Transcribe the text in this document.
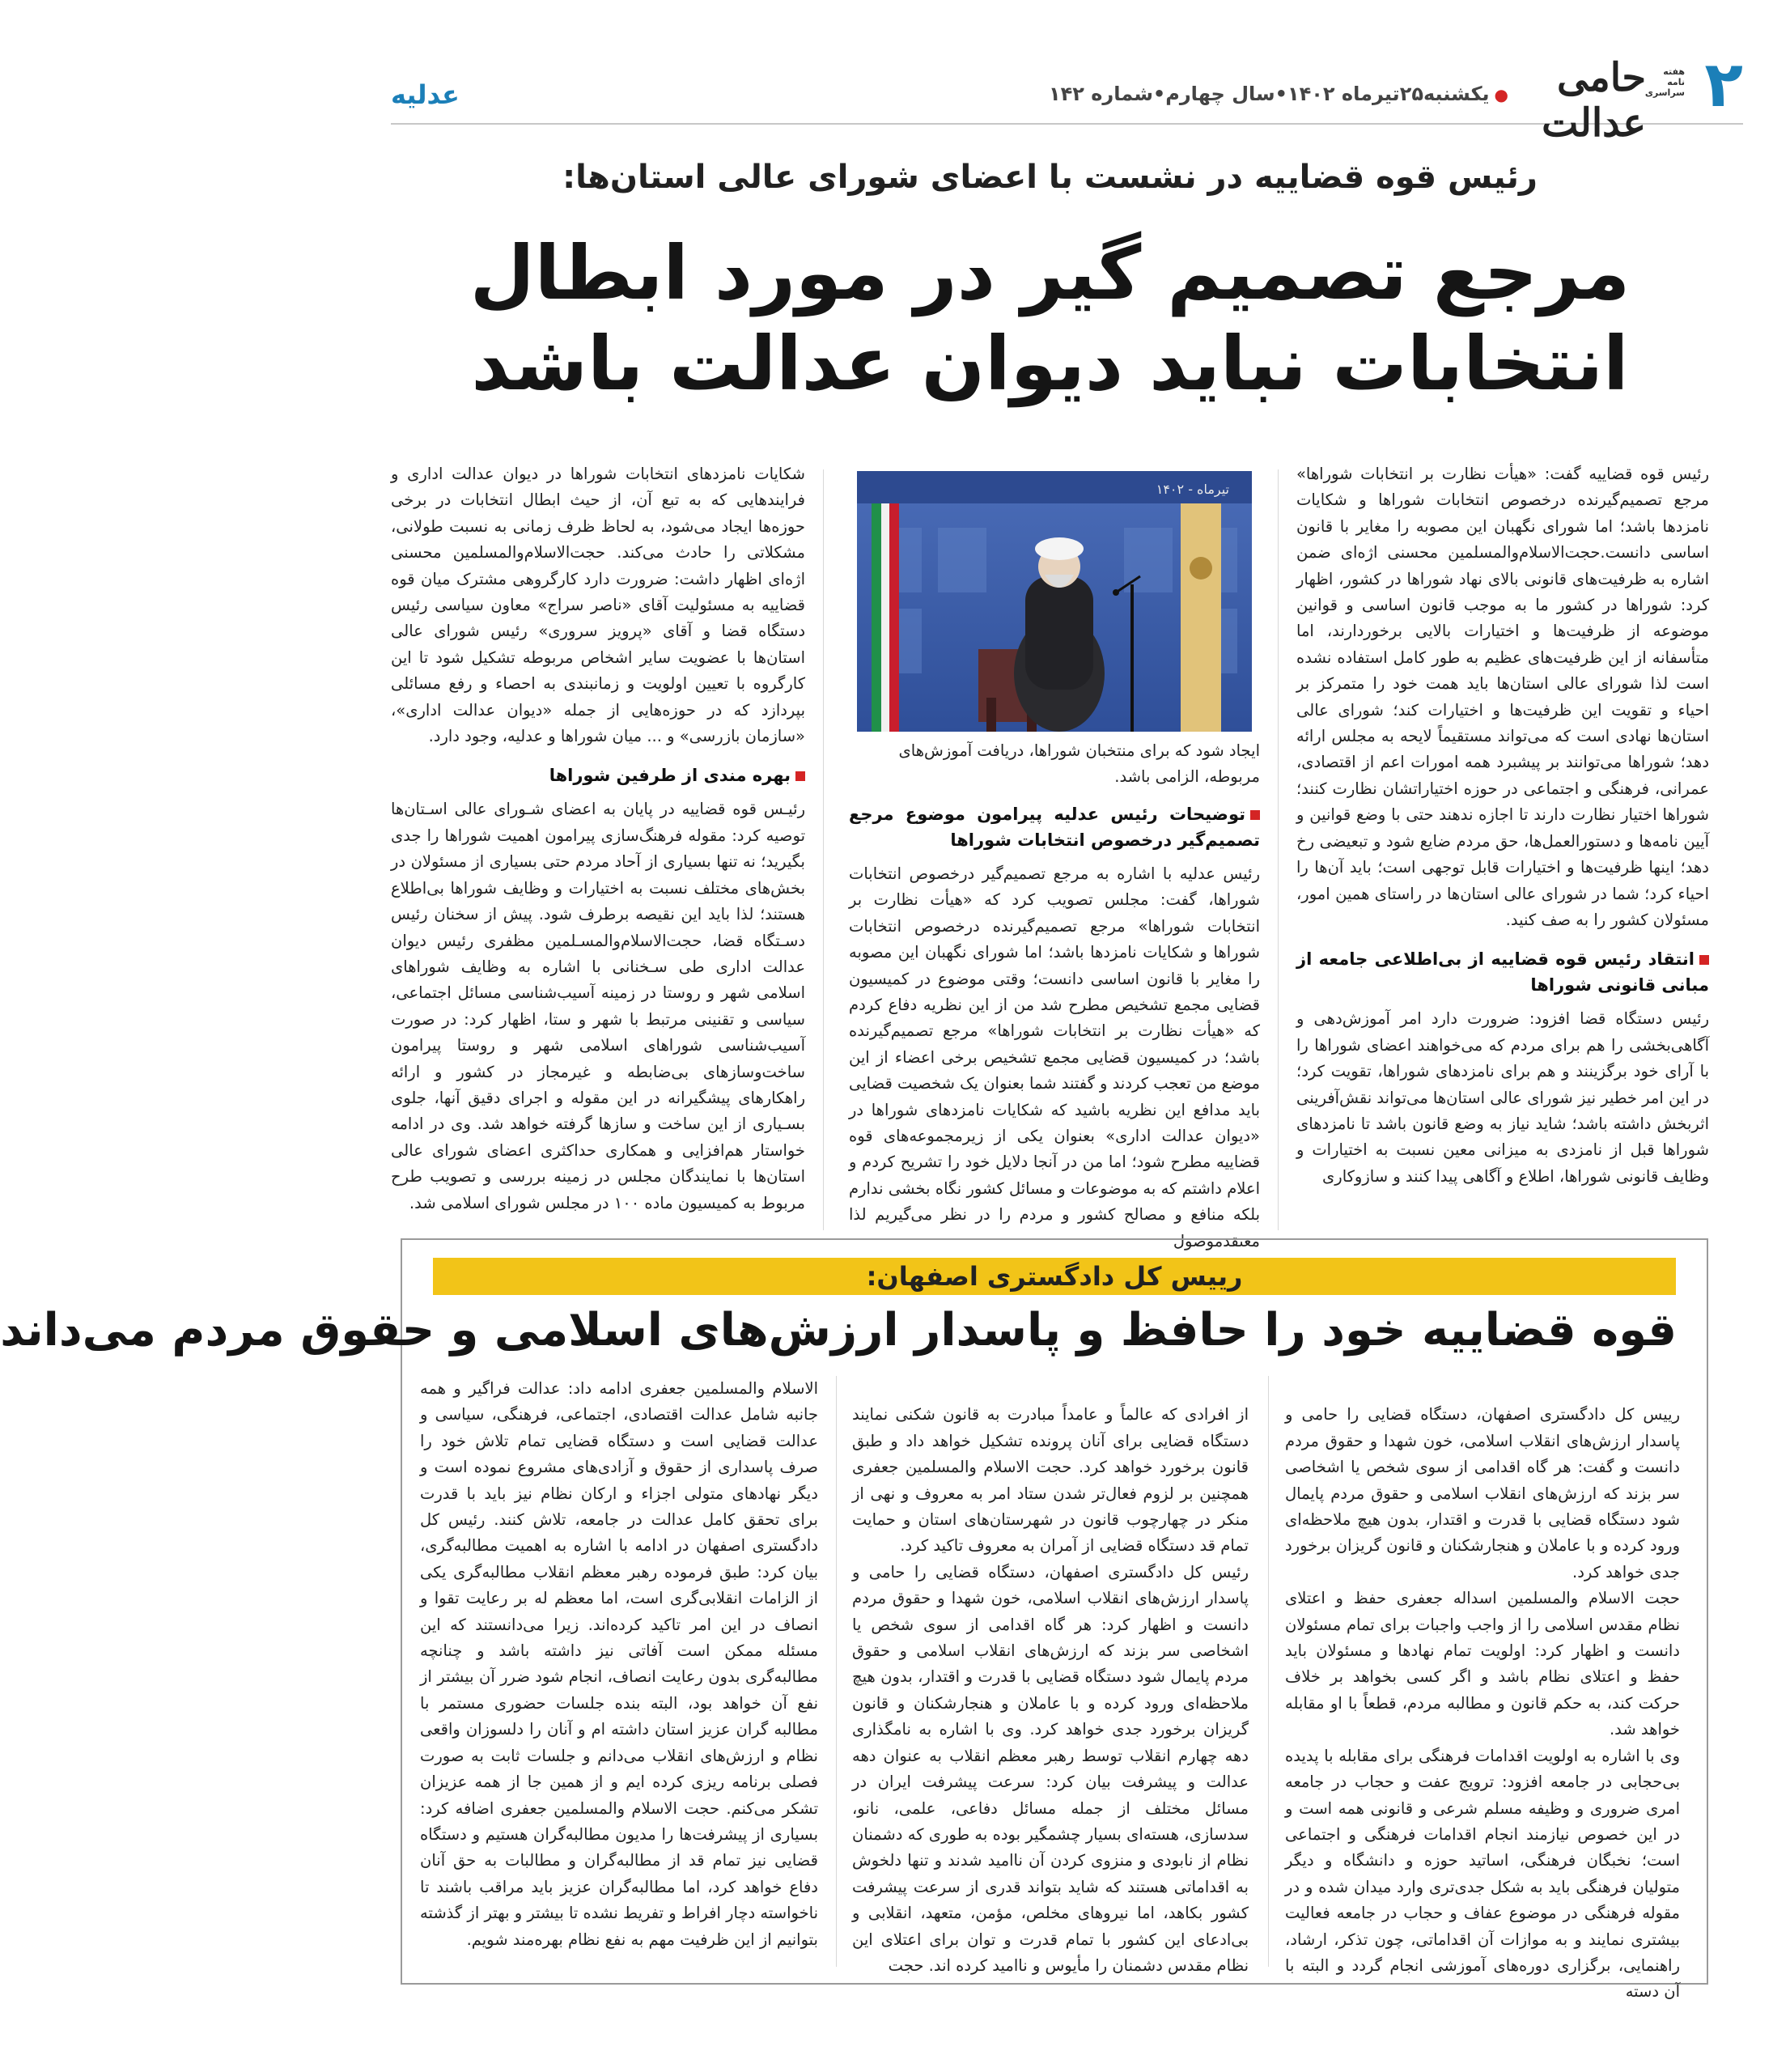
۲
هفته نامه سراسری
حامی عدالت
●یکشنبه۲۵تیرماه ۱۴۰۲•سال چهارم•شماره ۱۴۲
عدلیه
رئیس قوه قضاییه در نشست با اعضای شورای عالی استان‌ها:
مرجع تصمیم گیر در مورد ابطال انتخابات نباید دیوان عدالت باشد

رئیس قوه قضاییه گفت: «هیأت نظارت بر انتخابات شوراها» مرجع تصمیم‌گیرنده درخصوص انتخابات شوراها و شکایات نامزدها باشد؛ اما شورای نگهبان این مصوبه را مغایر با قانون اساسی دانست.حجت‌الاسلام‌والمسلمین محسنی اژه‌ای ضمن اشاره به ظرفیت‌های قانونی بالای نهاد شوراها در کشور، اظهار کرد: شوراها در کشور ما به موجب قانون اساسی و قوانین موضوعه از ظرفیت‌ها و اختیارات بالایی برخوردارند، اما متأسفانه از این ظرفیت‌های عظیم به طور کامل استفاده نشده است لذا شورای عالی استان‌ها باید همت خود را متمرکز بر احیاء و تقویت این ظرفیت‌ها و اختیارات کند؛ شورای عالی استان‌ها نهادی است که می‌تواند مستقیماً لایحه به مجلس ارائه دهد؛ شوراها می‌توانند بر پیشبرد همه امورات اعم از اقتصادی، عمرانی، فرهنگی و اجتماعی در حوزه اختیاراتشان نظارت کنند؛ شوراها اختیار نظارت دارند تا اجازه ندهند حتی با وضع قوانین و آیین نامه‌ها و دستورالعمل‌ها، حق مردم ضایع شود و تبعیضی رخ دهد؛ اینها ظرفیت‌ها و اختیارات قابل توجهی است؛ باید آن‌ها را احیاء کرد؛ شما در شورای عالی استان‌ها در راستای همین امور، مسئولان کشور را به صف کنید.

انتقاد رئیس قوه قضاییه از بی‌اطلاعی جامعه از مبانی قانونی شوراها

رئیس دستگاه قضا افزود: ضرورت دارد امر آموزش‌دهی و آگاهی‌بخشی را هم برای مردم که می‌خواهند اعضای شوراها را با آرای خود برگزینند و هم برای نامزدهای شوراها، تقویت کرد؛ در این امر خطیر نیز شورای عالی استان‌ها می‌تواند نقش‌آفرینی اثربخش داشته باشد؛ شاید نیاز به وضع قانون باشد تا نامزدهای شوراها قبل از نامزدی به میزانی معین نسبت به اختیارات و وظایف قانونی شوراها، اطلاع و آگاهی پیدا کنند و سازوکاری

تیرماه - ۱۴۰۲
ایجاد شود که برای منتخبان شوراها، دریافت آموزش‌های مربوطه، الزامی باشد.
توضیحات رئیس عدلیه پیرامون موضوع مرجع تصمیم‌گیر درخصوص انتخابات شوراها

رئیس عدلیه با اشاره به مرجع تصمیم‌گیر درخصوص انتخابات شوراها، گفت: مجلس تصویب کرد که «هیأت نظارت بر انتخابات شوراها» مرجع تصمیم‌گیرنده درخصوص انتخابات شوراها و شکایات نامزدها باشد؛ اما شورای نگهبان این مصوبه را مغایر با قانون اساسی دانست؛ وقتی موضوع در کمیسیون قضایی مجمع تشخیص مطرح شد من از این نظریه دفاع کردم که «هیأت نظارت بر انتخابات شوراها» مرجع تصمیم‌گیرنده باشد؛ در کمیسیون قضایی مجمع تشخیص برخی اعضاء از این موضع من تعجب کردند و گفتند شما بعنوان یک شخصیت قضایی باید مدافع این نظریه باشید که شکایات نامزدهای شوراها در «دیوان عدالت اداری» بعنوان یکی از زیرمجموعه‌های قوه قضاییه مطرح شود؛ اما من در آنجا دلایل خود را تشریح کردم و اعلام داشتم که به موضوعات و مسائل کشور نگاه بخشی ندارم بلکه منافع و مصالح کشور و مردم را در نظر می‌گیریم لذا معتقدموصول

شکایات نامزدهای انتخابات شوراها در دیوان عدالت اداری و فرایندهایی که به تبع آن، از حیث ابطال انتخابات در برخی حوزه‌ها ایجاد می‌شود، به لحاظ ظرف زمانی به نسبت طولانی، مشکلاتی را حادث می‌کند. حجت‌الاسلام‌والمسلمین محسنی اژه‌ای اظهار داشت: ضرورت دارد کارگروهی مشترک میان قوه قضاییه به مسئولیت آقای «ناصر سراج» معاون سیاسی رئیس دستگاه قضا و آقای «پرویز سروری» رئیس شورای عالی استان‌ها با عضویت سایر اشخاص مربوطه تشکیل شود تا این کارگروه با تعیین اولویت و زمانبندی به احصاء و رفع مسائلی بپردازد که در حوزه‌هایی از جمله «دیوان عدالت اداری»، «سازمان بازرسی» و ... میان شوراها و عدلیه، وجود دارد.

بهره مندی از طرفین شوراها

رئیـس قوه قضاییه در پایان به اعضای شـورای عالی اسـتان‌ها توصیه کرد: مقوله فرهنگ‌سازی پیرامون اهمیت شوراها را جدی بگیرید؛ نه تنها بسیاری از آحاد مردم حتی بسیاری از مسئولان در بخش‌های مختلف نسبت به اختیارات و وظایف شوراها بی‌اطلاع هستند؛ لذا باید این نقیصه برطرف شود. پیش از سخنان رئیس دسـتگاه قضا، حجت‌الاسلام‌والمسـلمین مظفری رئیس دیوان عدالت اداری طی سـخنانی با اشاره به وظایف شوراهای اسلامی شهر و روستا در زمینه آسیب‌شناسی مسائل اجتماعی، سیاسی و تقنینی مرتبط با شهر و ستا، اظهار کرد: در صورت آسیب‌شناسی شوراهای اسلامی شهر و روستا پیرامون ساخت‌وسازهای بی‌ضابطه و غیرمجاز در کشور و ارائه راهکارهای پیشگیرانه در این مقوله و اجرای دقیق آنها، جلوی بسـیاری از این ساخت و سازها گرفته خواهد شد. وی در ادامه خواستار هم‌افزایی و همکاری حداکثری اعضای شورای عالی استان‌ها با نمایندگان مجلس در زمینه بررسی و تصویب طرح مربوط به کمیسیون ماده ۱۰۰ در مجلس شورای اسلامی شد.

رییس کل دادگستری اصفهان:
قوه قضاییه خود را حافظ و پاسدار ارزش‌های اسلامی و حقوق مردم می‌داند

رییس کل دادگستری اصفهان، دستگاه قضایی را حامی و پاسدار ارزش‌های انقلاب اسلامی، خون شهدا و حقوق مردم دانست و گفت: هر گاه اقدامی از سوی شخص یا اشخاصی سر بزند که ارزش‌های انقلاب اسلامی و حقوق مردم پایمال شود دستگاه قضایی با قدرت و اقتدار، بدون هیچ ملاحظه‌ای ورود کرده و با عاملان و هنجارشکنان و قانون گریزان برخورد جدی خواهد کرد.
حجت الاسلام والمسلمین اسداله جعفری حفظ و اعتلای نظام مقدس اسلامی را از واجب واجبات برای تمام مسئولان دانست و اظهار کرد: اولویت تمام نهادها و مسئولان باید حفظ و اعتلای نظام باشد و اگر کسی بخواهد بر خلاف حرکت کند، به حکم قانون و مطالبه مردم، قطعاً با او مقابله خواهد شد.
وی با اشاره به اولویت اقدامات فرهنگی برای مقابله با پدیده بی‌حجابی در جامعه افزود: ترویج عفت و حجاب در جامعه امری ضروری و وظیفه مسلم شرعی و قانونی همه است و در این خصوص نیازمند انجام اقدامات فرهنگی و اجتماعی است؛ نخبگان فرهنگی، اساتید حوزه و دانشگاه و دیگر متولیان فرهنگی باید به شکل جدی‌تری وارد میدان شده و در مقوله فرهنگی در موضوع عفاف و حجاب در جامعه فعالیت بیشتری نمایند و به موازات آن اقداماتی، چون تذکر، ارشاد، راهنمایی، برگزاری دوره‌های آموزشی انجام گردد و البته با آن دسته

از افرادی که عالماً و عامداً مبادرت به قانون شکنی نمایند دستگاه قضایی برای آنان پرونده تشکیل خواهد داد و طبق قانون برخورد خواهد کرد. حجت الاسلام والمسلمین جعفری همچنین بر لزوم فعال‌تر شدن ستاد امر به معروف و نهی از منکر در چهارچوب قانون در شهرستان‌های استان و حمایت تمام قد دستگاه قضایی از آمران به معروف تاکید کرد.
رئیس کل دادگستری اصفهان، دستگاه قضایی را حامی و پاسدار ارزش‌های انقلاب اسلامی، خون شهدا و حقوق مردم دانست و اظهار کرد: هر گاه اقدامی از سوی شخص یا اشخاصی سر بزند که ارزش‌های انقلاب اسلامی و حقوق مردم پایمال شود دستگاه قضایی با قدرت و اقتدار، بدون هیچ ملاحظه‌ای ورود کرده و با عاملان و هنجارشکنان و قانون گریزان برخورد جدی خواهد کرد. وی با اشاره به نامگذاری دهه چهارم انقلاب توسط رهبر معظم انقلاب به عنوان دهه عدالت و پیشرفت بیان کرد: سرعت پیشرفت ایران در مسائل مختلف از جمله مسائل دفاعی، علمی، نانو، سدسازی، هسته‌ای بسیار چشمگیر بوده به طوری که دشمنان نظام از نابودی و منزوی کردن آن ناامید شدند و تنها دلخوش به اقداماتی هستند که شاید بتواند قدری از سرعت پیشرفت کشور بکاهد، اما نیروهای مخلص، مؤمن، متعهد، انقلابی و بی‌ادعای این کشور با تمام قدرت و توان برای اعتلای این نظام مقدس دشمنان را مأیوس و ناامید کرده اند. حجت

الاسلام والمسلمین جعفری ادامه داد: عدالت فراگیر و همه جانبه شامل عدالت اقتصادی، اجتماعی، فرهنگی، سیاسی و عدالت قضایی است و دستگاه قضایی تمام تلاش خود را صرف پاسداری از حقوق و آزادی‌های مشروع نموده است و دیگر نهادهای متولی اجزاء و ارکان نظام نیز باید با قدرت برای تحقق کامل عدالت در جامعه، تلاش کنند. رئیس کل دادگستری اصفهان در ادامه با اشاره به اهمیت مطالبه‌گری، بیان کرد: طبق فرموده رهبر معظم انقلاب مطالبه‌گری یکی از الزامات انقلابی‌گری است، اما معظم له بر رعایت تقوا و انصاف در این امر تاکید کرده‌اند. زیرا می‌دانستند که این مسئله ممکن است آفاتی نیز داشته باشد و چنانچه مطالبه‌گری بدون رعایت انصاف، انجام شود ضرر آن بیشتر از نفع آن خواهد بود، البته بنده جلسات حضوری مستمر با مطالبه گران عزیز استان داشته ام و آنان را دلسوزان واقعی نظام و ارزش‌های انقلاب می‌دانم و جلسات ثابت به صورت فصلی برنامه ریزی کرده ایم و از همین جا از همه عزیزان تشکر می‌کنم. حجت الاسلام والمسلمین جعفری اضافه کرد: بسیاری از پیشرفت‌ها را مدیون مطالبه‌گران هستیم و دستگاه قضایی نیز تمام قد از مطالبه‌گران و مطالبات به حق آنان دفاع خواهد کرد، اما مطالبه‌گران عزیز باید مراقب باشند تا ناخواسته دچار افراط و تفریط نشده تا بیشتر و بهتر از گذشته بتوانیم از این ظرفیت مهم به نفع نظام بهره‌مند شویم.
